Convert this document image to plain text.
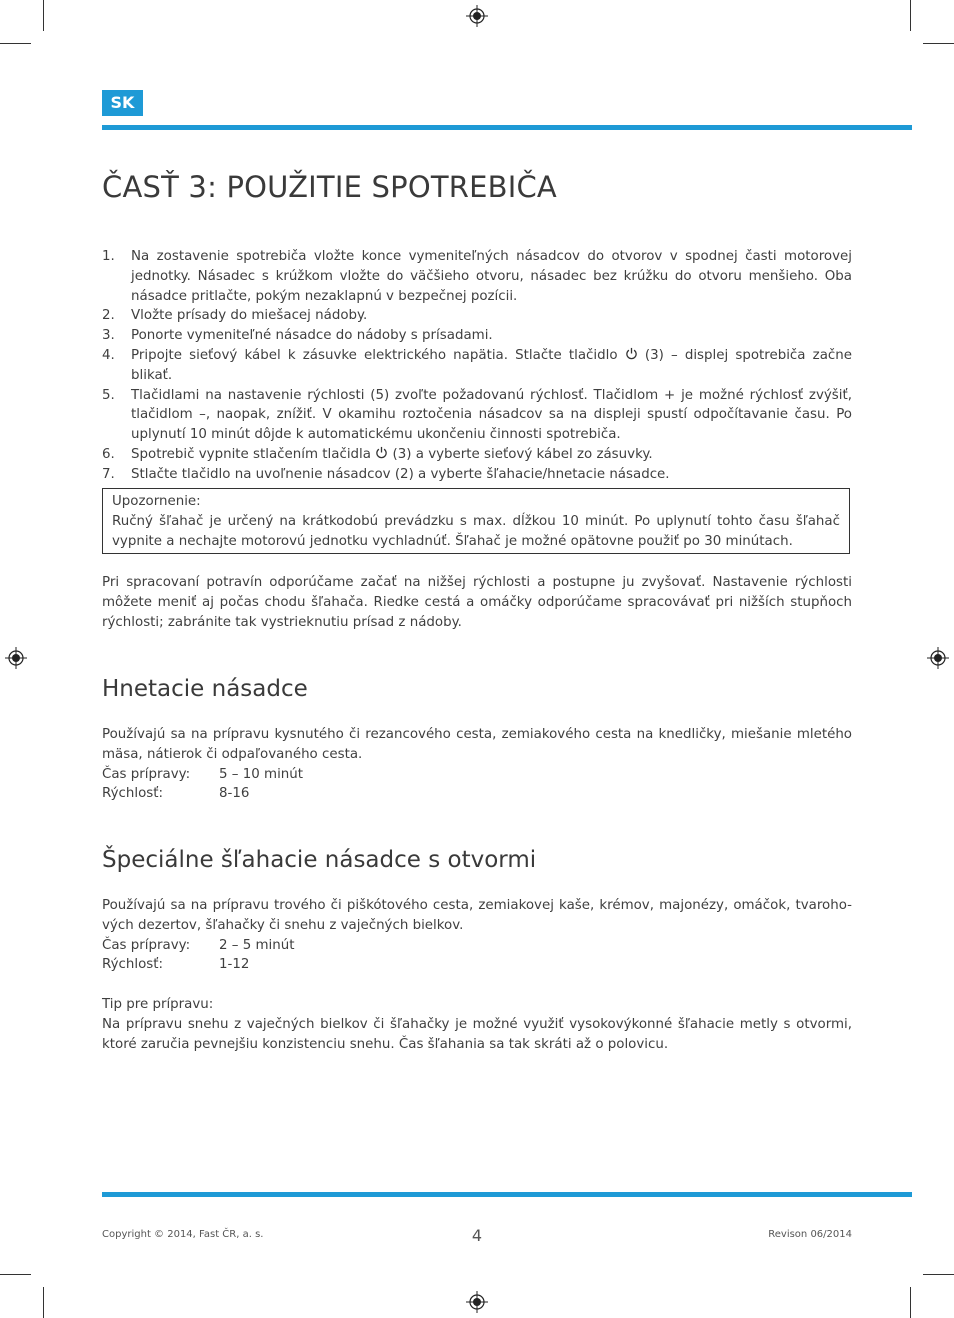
SK
ČASŤ 3: POUŽITIE SPOTREBIČA
1.	Na zostavenie spotrebiča vložte konce vymeniteľných násadcov do otvorov v spodnej časti motorovej jednotky. Násadec s krúžkom vložte do väčšieho otvoru, násadec bez krúžku do otvoru menšieho. Oba násadce pritlačte, pokým nezaklapnú v bezpečnej pozícii.
2.	Vložte prísady do miešacej nádoby.
3.	Ponorte vymeniteľné násadce do nádoby s prísadami.
4.	Pripojte sieťový kábel k zásuvke elektrického napätia. Stlačte tlačidlo (3) – displej spotrebiča začne blikať.
5.	Tlačidlami na nastavenie rýchlosti (5) zvoľte požadovanú rýchlosť. Tlačidlom + je možné rýchlosť zvýšiť, tlačidlom –, naopak, znížiť. V okamihu roztočenia násadcov sa na displeji spustí odpočítavanie času. Po uplynutí 10 minút dôjde k automatickému ukončeniu činnosti spotrebiča.
6.	Spotrebič vypnite stlačením tlačidla (3) a vyberte sieťový kábel zo zásuvky.
7.	Stlačte tlačidlo na uvoľnenie násadcov (2) a vyberte šľahacie/hnetacie násadce.
Upozornenie:
Ručný šľahač je určený na krátkodobú prevádzku s max. dĺžkou 10 minút. Po uplynutí tohto času šľahač vypnite a nechajte motorovú jednotku vychladnúť. Šľahač je možné opätovne použiť po 30 minútach.

Pri spracovaní potravín odporúčame začať na nižšej rýchlosti a postupne ju zvyšovať. Nastavenie rýchlosti môžete meniť aj počas chodu šľahača. Riedke cestá a omáčky odporúčame spracovávať pri nižších stupňoch rýchlosti; zabránite tak vystrieknutiu prísad z nádoby.

Hnetacie násadce
Používajú sa na prípravu kysnutého či rezancového cesta, zemiakového cesta na knedličky, miešanie mletého mäsa, nátierok či odpaľovaného cesta.
Čas prípravy:	5 – 10 minút
Rýchlosť:	8-16
Špeciálne šľahacie násadce s otvormi
Používajú sa na prípravu trového či piškótového cesta, zemiakovej kaše, krémov, majonézy, omáčok, tvaroho-vých dezertov, šľahačky či snehu z vaječných bielkov.
Čas prípravy:	2 – 5 minút
Rýchlosť:	1-12
Tip pre prípravu:
Na prípravu snehu z vaječných bielkov či šľahačky je možné využiť vysokovýkonné šľahacie metly s otvormi, ktoré zaručia pevnejšiu konzistenciu snehu. Čas šľahania sa tak skráti až o polovicu.
Copyright © 2014, Fast ČR, a. s.	4	Revison 06/2014
